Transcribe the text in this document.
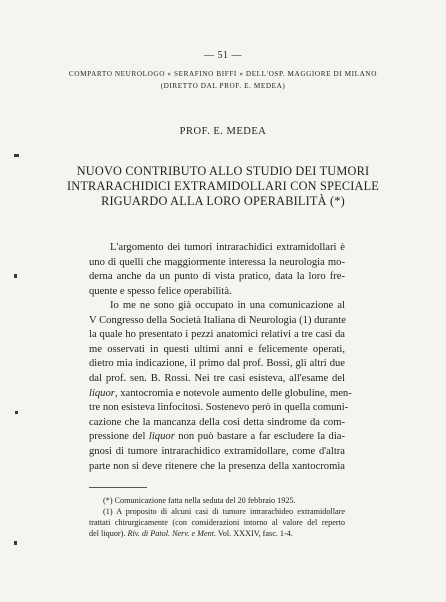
— 51 —
COMPARTO NEUROLOGO « SERAFINO BIFFI » DELL'OSP. MAGGIORE DI MILANO
(DIRETTO DAL PROF. E. MEDEA)
PROF. E. MEDEA
NUOVO CONTRIBUTO ALLO STUDIO DEI TUMORI
INTRARACHIDICI EXTRAMIDOLLARI CON SPECIALE
RIGUARDO ALLA LORO OPERABILITÀ (*)
L'argomento dei tumori intrarachidici extramidollari è
uno di quelli che maggiormente interessa la neurologia mo-
derna anche da un punto di vista pratico, data la loro fre-
quente e spesso felice operabilità.
Io me ne sono già occupato in una comunicazione al
V Congresso della Società Italiana di Neurologia (1) durante
la quale ho presentato i pezzi anatomici relativi a tre casi da
me osservati in questi ultimi anni e felicemente operati,
dietro mia indicazione, il primo dal prof. Bossi, gli altri due
dal prof. sen. B. Rossi. Nei tre casi esisteva, all'esame del
liquor, xantocromia e notevole aumento delle globuline, men-
tre non esisteva linfocitosi. Sostenevo però in quella comuni-
cazione che la mancanza della così detta sindrome da com-
pressione del liquor non può bastare a far escludere la dia-
gnosi di tumore intrarachidico extramidollare, come d'altra
parte non si deve ritenere che la presenza della xantocromia
(*) Comunicazione fatta nella seduta del 20 febbraio 1925.
(1) A proposito di alcuni casi di tumore intrarachideo extramidollare
trattati chirurgicamente (con considerazioni intorno al valore del reperto
del liquor). Riv. di Patol. Nerv. e Ment. Vol. XXXIV, fasc. 1-4.
